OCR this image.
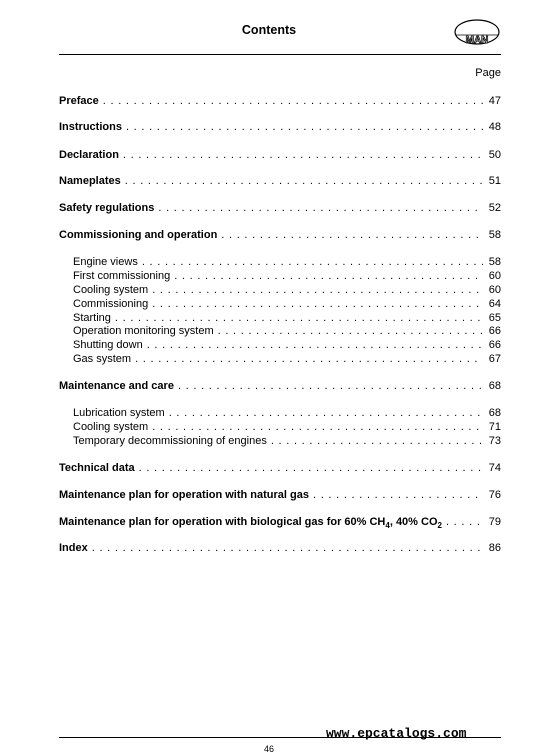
Contents
MAN
Page
Preface . . .	47
Instructions . . .	48
Declaration . . .	50
Nameplates . . .	51
Safety regulations . . .	52
Commissioning and operation . . .	58
Engine views . . .	58
First commissioning . . .	60
Cooling system . . .	60
Commissioning . . .	64
Starting . . .	65
Operation monitoring system . . .	66
Shutting down . . .	66
Gas system . . .	67
Maintenance and care . . .	68
Lubrication system . . .	68
Cooling system . . .	71
Temporary decommissioning of engines . . .	73
Technical data . . .	74
Maintenance plan for operation with natural gas . . .	76
Maintenance plan for operation with biological gas for 60% $CH_4$, 40% $CO_2$ . . .	79
Index . . .	86
www.epcatalogs.com
46
